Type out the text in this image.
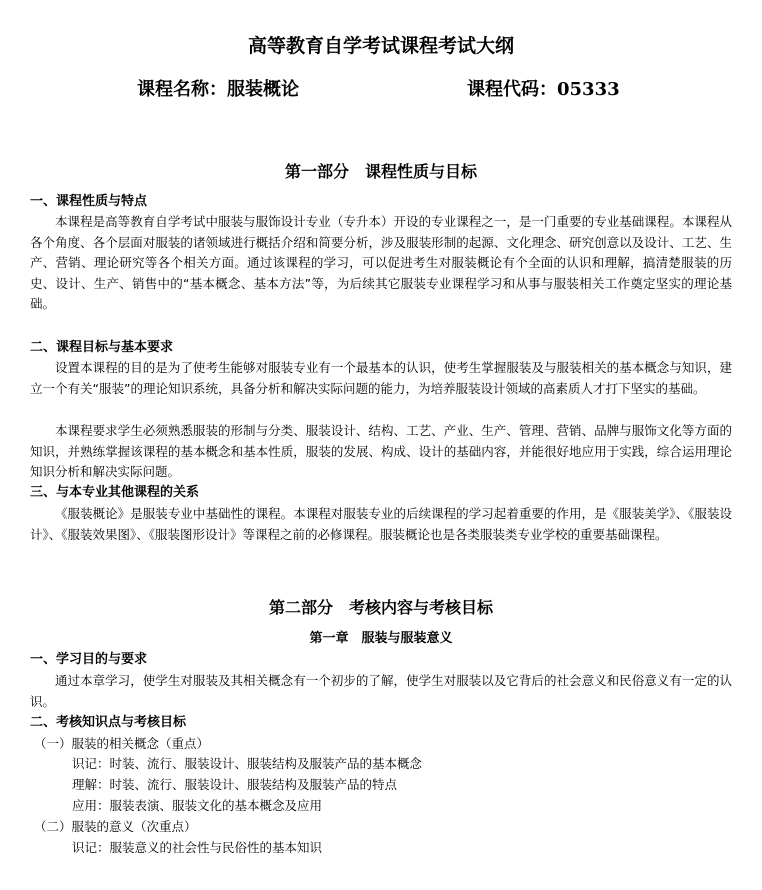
高等教育自学考试课程考试大纲
课程名称：服装概论	课程代码：05333
第一部分　课程性质与目标
一、课程性质与特点

本课程是高等教育自学考试中服装与服饰设计专业（专升本）开设的专业课程之一，是一门重要的专业基础课程。本课程从各个角度、各个层面对服装的诸领域进行概括介绍和简要分析，涉及服装形制的起源、文化理念、研究创意以及设计、工艺、生产、营销、理论研究等各个相关方面。通过该课程的学习，可以促进考生对服装概论有个全面的认识和理解，搞清楚服装的历史、设计、生产、销售中的“基本概念、基本方法”等，为后续其它服装专业课程学习和从事与服装相关工作奠定坚实的理论基础。

二、课程目标与基本要求

设置本课程的目的是为了使考生能够对服装专业有一个最基本的认识，使考生掌握服装及与服装相关的基本概念与知识，建立一个有关“服装”的理论知识系统，具备分析和解决实际问题的能力，为培养服装设计领域的高素质人才打下坚实的基础。

本课程要求学生必须熟悉服装的形制与分类、服装设计、结构、工艺、产业、生产、管理、营销、品牌与服饰文化等方面的知识，并熟练掌握该课程的基本概念和基本性质，服装的发展、构成、设计的基础内容，并能很好地应用于实践，综合运用理论知识分析和解决实际问题。

三、与本专业其他课程的关系

《服装概论》是服装专业中基础性的课程。本课程对服装专业的后续课程的学习起着重要的作用，是《服装美学》、《服装设计》、《服装效果图》、《服装图形设计》等课程之前的必修课程。服装概论也是各类服装类专业学校的重要基础课程。

第二部分　考核内容与考核目标
第一章　服装与服装意义
一、学习目的与要求

通过本章学习，使学生对服装及其相关概念有一个初步的了解，使学生对服装以及它背后的社会意义和民俗意义有一定的认识。

二、考核知识点与考核目标
（一）服装的相关概念（重点）
识记：时装、流行、服装设计、服装结构及服装产品的基本概念
理解：时装、流行、服装设计、服装结构及服装产品的特点
应用：服装表演、服装文化的基本概念及应用
（二）服装的意义（次重点）
识记：服装意义的社会性与民俗性的基本知识
